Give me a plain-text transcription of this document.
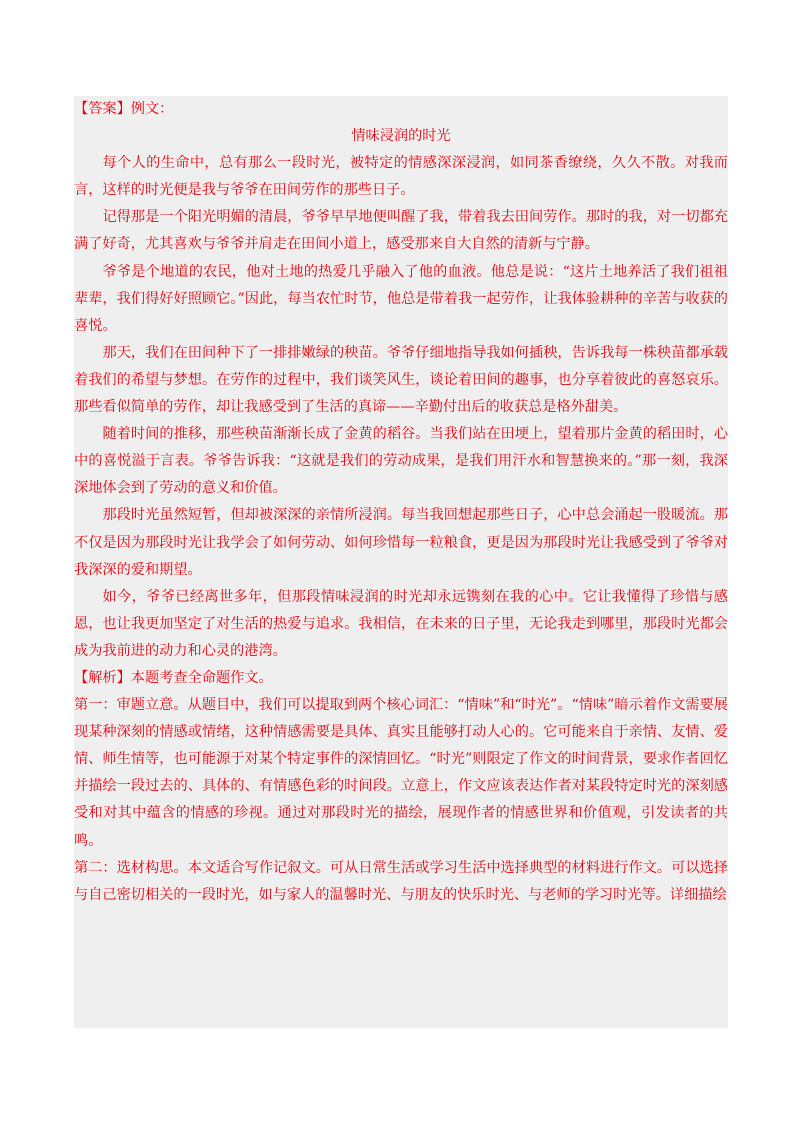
【答案】例文：
情味浸润的时光

每个人的生命中，总有那么一段时光，被特定的情感深深浸润，如同茶香缭绕，久久不散。对我而言，这样的时光便是我与爷爷在田间劳作的那些日子。

记得那是一个阳光明媚的清晨，爷爷早早地便叫醒了我，带着我去田间劳作。那时的我，对一切都充满了好奇，尤其喜欢与爷爷并肩走在田间小道上，感受那来自大自然的清新与宁静。

爷爷是个地道的农民，他对土地的热爱几乎融入了他的血液。他总是说：“这片土地养活了我们祖祖辈辈，我们得好好照顾它。”因此，每当农忙时节，他总是带着我一起劳作，让我体验耕种的辛苦与收获的喜悦。

那天，我们在田间种下了一排排嫩绿的秧苗。爷爷仔细地指导我如何插秧，告诉我每一株秧苗都承载着我们的希望与梦想。在劳作的过程中，我们谈笑风生，谈论着田间的趣事，也分享着彼此的喜怒哀乐。那些看似简单的劳作，却让我感受到了生活的真谛——辛勤付出后的收获总是格外甜美。

随着时间的推移，那些秧苗渐渐长成了金黄的稻谷。当我们站在田埂上，望着那片金黄的稻田时，心中的喜悦溢于言表。爷爷告诉我：“这就是我们的劳动成果，是我们用汗水和智慧换来的。”那一刻，我深深地体会到了劳动的意义和价值。

那段时光虽然短暂，但却被深深的亲情所浸润。每当我回想起那些日子，心中总会涌起一股暖流。那不仅是因为那段时光让我学会了如何劳动、如何珍惜每一粒粮食，更是因为那段时光让我感受到了爷爷对我深深的爱和期望。

如今，爷爷已经离世多年，但那段情味浸润的时光却永远镌刻在我的心中。它让我懂得了珍惜与感恩，也让我更加坚定了对生活的热爱与追求。我相信，在未来的日子里，无论我走到哪里，那段时光都会成为我前进的动力和心灵的港湾。

【解析】本题考查全命题作文。

第一：审题立意。从题目中，我们可以提取到两个核心词汇：“情味”和“时光”。“情味”暗示着作文需要展现某种深刻的情感或情绪，这种情感需要是具体、真实且能够打动人心的。它可能来自于亲情、友情、爱情、师生情等，也可能源于对某个特定事件的深情回忆。“时光”则限定了作文的时间背景，要求作者回忆并描绘一段过去的、具体的、有情感色彩的时间段。立意上，作文应该表达作者对某段特定时光的深刻感受和对其中蕴含的情感的珍视。通过对那段时光的描绘，展现作者的情感世界和价值观，引发读者的共鸣。

第二：选材构思。本文适合写作记叙文。可从日常生活或学习生活中选择典型的材料进行作文。可以选择与自己密切相关的一段时光，如与家人的温馨时光、与朋友的快乐时光、与老师的学习时光等。详细描绘
